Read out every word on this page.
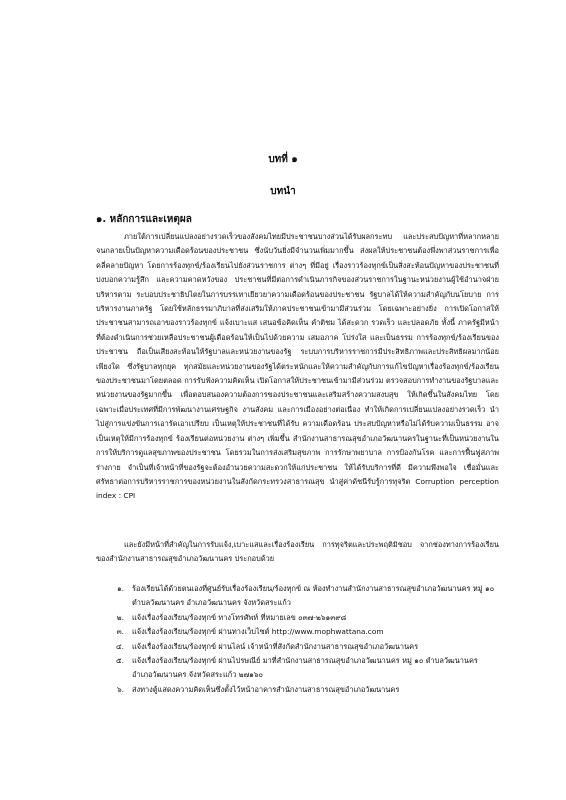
บทที่ ๑
บทนำ
๑. หลักการและเหตุผล

ภายใต้การเปลี่ยนแปลงอย่างรวดเร็วของสังคมไทยมีประชาชนบางส่วนได้รับผลกระทบ และประสบปัญหาที่หลากหลาย จนกลายเป็นปัญหาความเดือดร้อนของประชาชน ซึ่งนับวันยิ่งมีจำนวนเพิ่มมากขึ้น ส่งผลให้ประชาชนต้องพึ่งพาส่วนราชการเพื่อคลี่คลายปัญหา โดยการร้องทุกข์/ร้องเรียนไปยังส่วนราชการ ต่างๆ ที่มีอยู่ เรื่องราวร้องทุกข์เป็นสิ่งสะท้อนปัญหาของประชาชนที่บ่งบอกความรู้สึก และความคาดหวังของ ประชาชนที่มีต่อการดำเนินภารกิจของส่วนราชการในฐานะหน่วยงานผู้ใช้อำนาจฝ่ายบริหารตาม ระบอบประชาธิปไตยในการบรรเทาเยียวยาความเดือดร้อนของประชาชน รัฐบาลได้ให้ความสำคัญกับนโยบาย การบริหารงานภาครัฐ โดยใช้หลักธรรมาภิบาลที่ส่งเสริมให้ภาคประชาชนเข้ามามีส่วนร่วม โดยเฉพาะอย่างยิ่ง การเปิดโอกาสให้ประชาชนสามารถเอาของราวร้องทุกข์ แจ้งเบาะแส เสนอข้อคิดเห็น คำติชม ได้สะดวก รวดเร็ว และปลอดภัย ทั้งนี้ ภาครัฐมีหน้าที่ต้องดำเนินการช่วยเหลือประชาชนผู้เดือดร้อนให้เป็นไปด้วยความ เสมอภาค โปร่งใส และเป็นธรรม การร้องทุกข์/ร้องเรียนของประชาชน ถือเป็นเสียงสะท้อนให้รัฐบาลและหน่วยงานของรัฐ ระบบการบริหารราชการมีประสิทธิภาพและประสิทธิผลมากน้อยเพียงใด ซึ่งรัฐบาลทุกยุค ทุกสมัยและหน่วยงานของรัฐได้ตระหนักและให้ความสำคัญกับการแก้ไขปัญหาเรื่องร้องทุกข์/ร้องเรียนของประชาชนมาโดยตลอด การรับฟังความคิดเห็น เปิดโอกาสให้ประชาชนเข้ามามีส่วนร่วม ตรวจสอบการทำงานของรัฐบาลและหน่วยงานของรัฐมากขึ้น เพื่อตอบสนองความต้องการของประชาชนและเสริมสร้างความสงบสุข ให้เกิดขึ้นในสังคมไทย โดยเฉพาะเมื่อประเทศที่มีการพัฒนางานเศรษฐกิจ งานสังคม และการเมืองอย่างต่อเนื่อง ทำให้เกิดการเปลี่ยนแปลงอย่างรวดเร็ว นำไปสู่การแข่งขันการเอารัดเอาเปรียบ เป็นเหตุให้ประชาชนที่ได้รับ ความเดือดร้อน ประสบปัญหาหรือไม่ได้รับความเป็นธรรม อาจเป็นเหตุให้มีการร้องทุกข์ ร้องเรียนต่อหน่วยงาน ต่างๆ เพิ่มขึ้น สำนักงานสาธารณสุขอำเภอวัฒนานครในฐานะที่เป็นหน่วยงานในการให้บริการดูแลสุขภาพของประชาชน โดยรวมในการส่งเสริมสุขภาพ การรักษาพยาบาล การป้องกันโรค และการฟื้นฟูสภาพร่างกาย จำเป็นที่เจ้าหน้าที่ของรัฐจะต้องอำนวยความสะดวกให้แก่ประชาชน ให้ได้รับบริการที่ดี มีความพึงพอใจ เชื่อมั่นและศรัทธาต่อการบริหารราชการของหน่วยงานในสังกัดกระทรวงสาธารณสุข นำสู่ค่าดัชนีรับรู้การทุจริต Corruption perception index : CPI

และยังมีหน้าที่สำคัญในการรับแจ้ง,เบาะแสและเรื่องร้องเรียน การทุจริตและประพฤติมิชอบ จากช่องทางการร้องเรียน ของสำนักงานสาธารณสุขอำเภอวัฒนานคร ประกอบด้วย

๑.	ร้องเรียนได้ด้วยตนเองที่ศูนย์รับเรื่องร้องเรียน/ร้องทุกข์ ณ ห้องทำงานสำนักงานสาธารณสุขอำเภอวัฒนานคร หมู่ ๑๐ ตำบลวัฒนานคร อำเภอวัฒนานคร จังหวัดสระแก้ว
๒.	แจ้งเรื่องร้องเรียน/ร้องทุกข์ ทางโทรศัพท์ ที่หมายเลข ๐๓๗-๒๖๑๓๙๘
๓.	แจ้งเรื่องร้องเรียน/ร้องทุกข์ ผ่านทางเว็บไซต์ http://www.mophwattana.com
๔.	แจ้งเรื่องร้องเรียน/ร้องทุกข์ ผ่านไลน์ เจ้าหน้าที่สังกัดสำนักงานสาธารณสุขอำเภอวัฒนานคร
๕.	แจ้งเรื่องร้องเรียน/ร้องทุกข์ ผ่านไปรษณีย์ มาที่สำนักงานสาธารณสุขอำเภอวัฒนานคร หมู่ ๑๐ ตำบลวัฒนานคร อำเภอวัฒนานคร จังหวัดสระแก้ว ๒๗๑๖๐
๖.	ส่งทางตู้แสดงความคิดเห็นซึ่งตั้งไว้หน้าอาคารสำนักงานสาธารณสุขอำเภอวัฒนานคร
